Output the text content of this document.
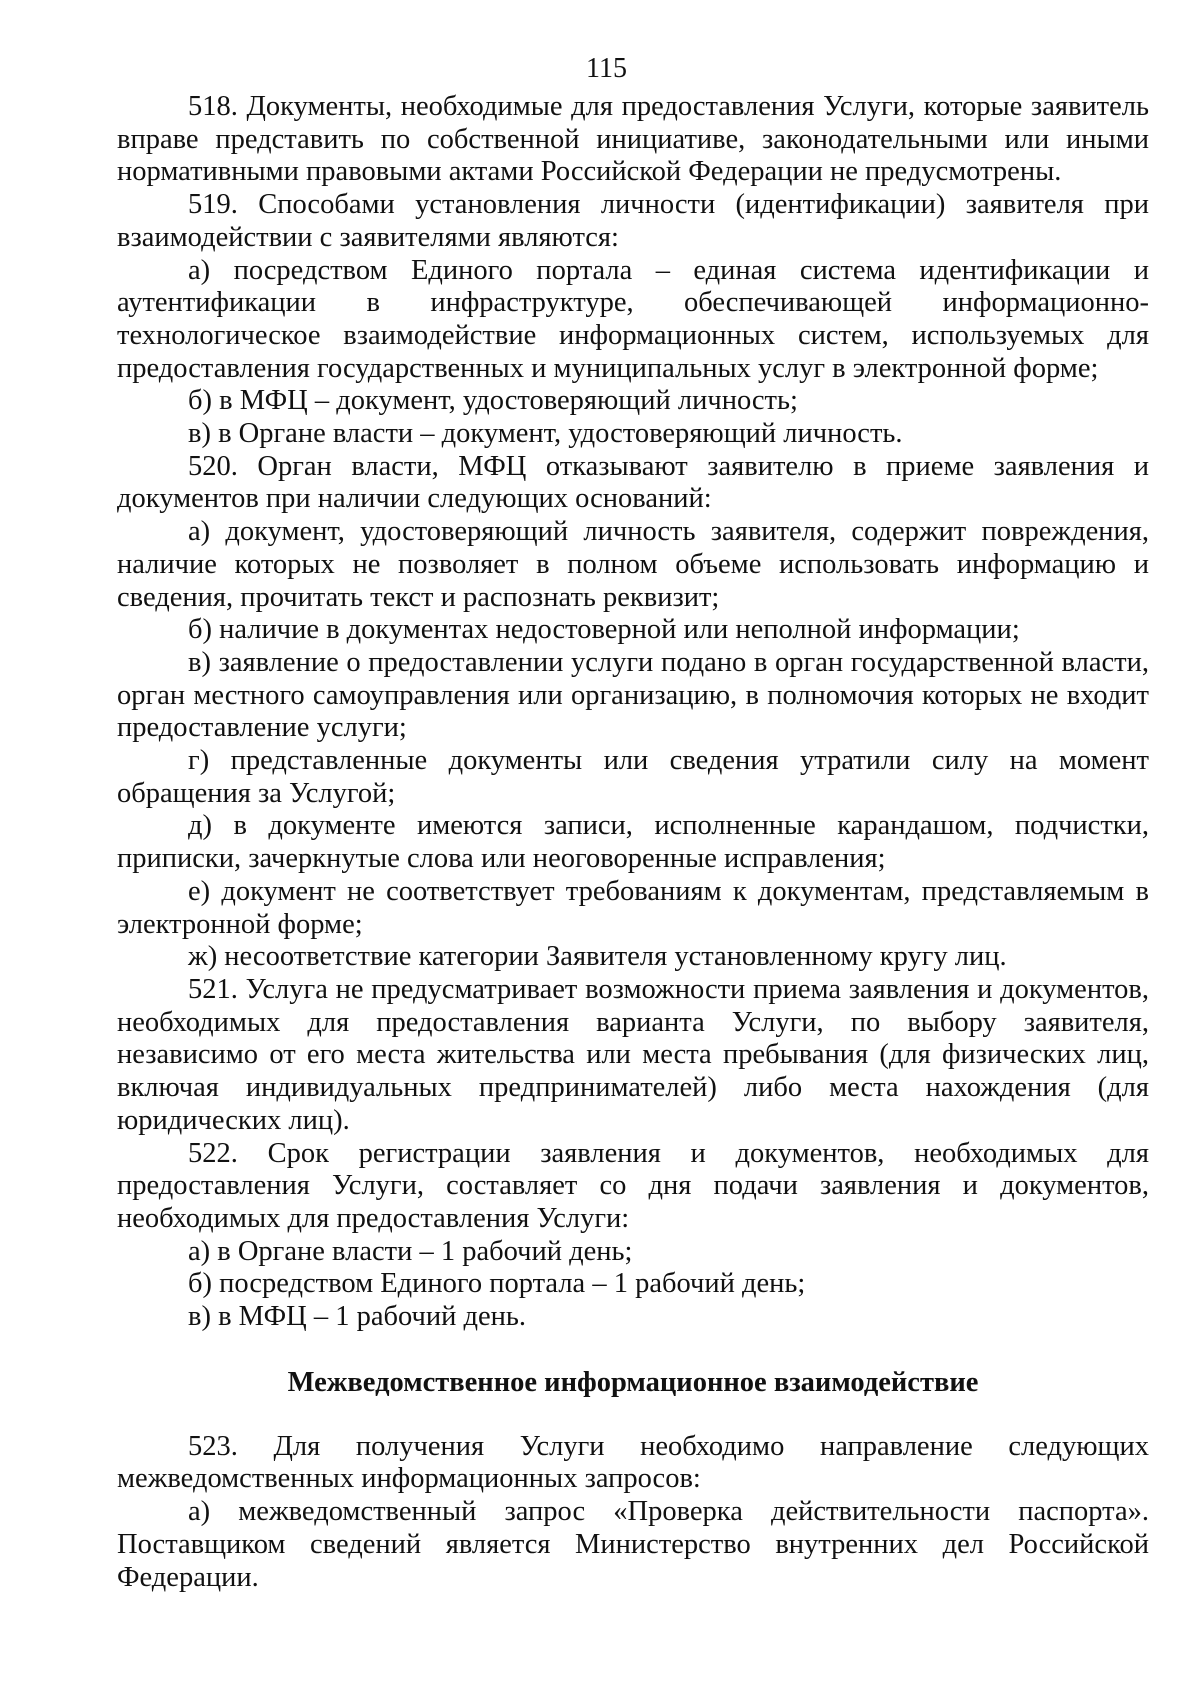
115

518. Документы, необходимые для предоставления Услуги, которые заявитель вправе представить по собственной инициативе, законодательными или иными нормативными правовыми актами Российской Федерации не предусмотрены.

519. Способами установления личности (идентификации) заявителя при взаимодействии с заявителями являются:

а) посредством Единого портала – единая система идентификации и аутентификации в инфраструктуре, обеспечивающей информационно-технологическое взаимодействие информационных систем, используемых для предоставления государственных и муниципальных услуг в электронной форме;

б) в МФЦ – документ, удостоверяющий личность;

в) в Органе власти – документ, удостоверяющий личность.

520. Орган власти, МФЦ отказывают заявителю в приеме заявления и документов при наличии следующих оснований:

а) документ, удостоверяющий личность заявителя, содержит повреждения, наличие которых не позволяет в полном объеме использовать информацию и сведения, прочитать текст и распознать реквизит;

б) наличие в документах недостоверной или неполной информации;

в) заявление о предоставлении услуги подано в орган государственной власти, орган местного самоуправления или организацию, в полномочия которых не входит предоставление услуги;

г) представленные документы или сведения утратили силу на момент обращения за Услугой;

д) в документе имеются записи, исполненные карандашом, подчистки, приписки, зачеркнутые слова или неоговоренные исправления;

е) документ не соответствует требованиям к документам, представляемым в электронной форме;

ж) несоответствие категории Заявителя установленному кругу лиц.

521. Услуга не предусматривает возможности приема заявления и документов, необходимых для предоставления варианта Услуги, по выбору заявителя, независимо от его места жительства или места пребывания (для физических лиц, включая индивидуальных предпринимателей) либо места нахождения (для юридических лиц).

522. Срок регистрации заявления и документов, необходимых для предоставления Услуги, составляет со дня подачи заявления и документов, необходимых для предоставления Услуги:

а) в Органе власти – 1 рабочий день;

б) посредством Единого портала – 1 рабочий день;

в) в МФЦ – 1 рабочий день.

Межведомственное информационное взаимодействие

523. Для получения Услуги необходимо направление следующих межведомственных информационных запросов:

а) межведомственный запрос «Проверка действительности паспорта». Поставщиком сведений является Министерство внутренних дел Российской Федерации.
